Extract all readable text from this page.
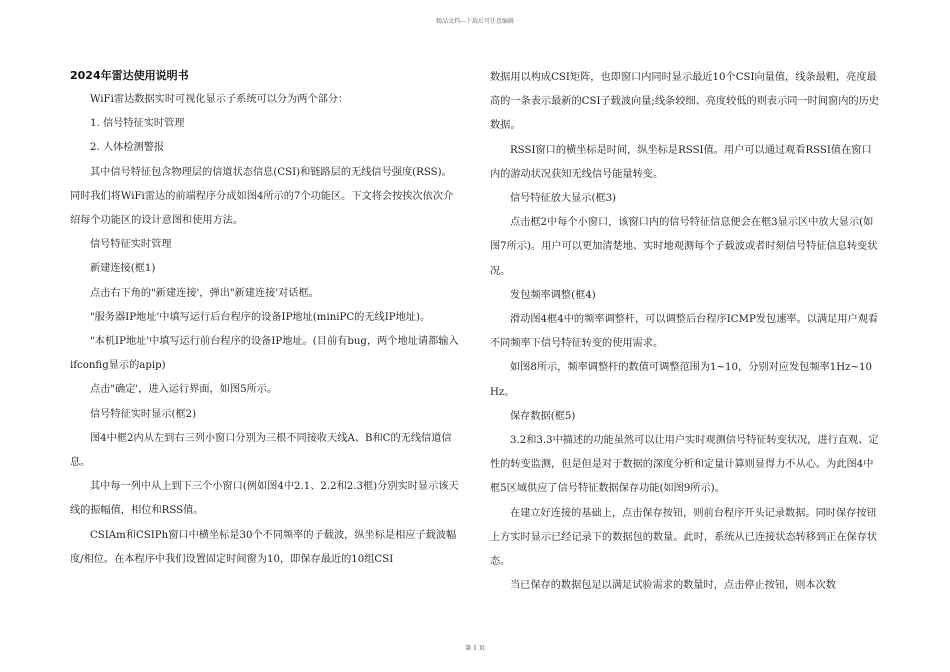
精品文档---下载后可任意编辑
2024年雷达使用说明书

WiFi雷达数据实时可视化显示子系统可以分为两个部分：

1. 信号特征实时管理

2. 人体检测警报

其中信号特征包含物理层的信道状态信息(CSI)和链路层的无线信号强度(RSS)。同时我们将WiFi雷达的前端程序分成如图4所示的7个功能区。下文将会按挨次依次介绍每个功能区的设计意图和使用方法。

信号特征实时管理

新建连接(框1)

点击右下角的"新建连接'，弹出"新建连接'对话框。

"服务器IP地址'中填写运行后台程序的设备IP地址(miniPC的无线IP地址)。

"本机IP地址'中填写运行前台程序的设备IP地址。(目前有bug，两个地址请都输入ifconfig显示的apip)

点击"确定'，进入运行界面，如图5所示。

信号特征实时显示(框2)

图4中框2内从左到右三列小窗口分别为三根不同接收天线A、B和C的无线信道信息。

其中每一列中从上到下三个小窗口(例如图4中2.1、2.2和2.3框)分别实时显示该天线的振幅值，相位和RSS值。

CSIAm和CSIPh窗口中横坐标是30个不同频率的子载波，纵坐标是相应子载波幅度/相位。在本程序中我们设置固定时间窗为10，即保存最近的10组CSI

数据用以构成CSI矩阵，也即窗口内同时显示最近10个CSI向量值，线条最粗，亮度最高的一条表示最新的CSI子载波向量;线条较细、亮度较低的则表示同一时间窗内的历史数据。

RSSI窗口的横坐标是时间，纵坐标是RSSI值。用户可以通过观看RSSI值在窗口内的游动状况获知无线信号能量转变。

信号特征放大显示(框3)

点击框2中每个小窗口，该窗口内的信号特征信息便会在框3显示区中放大显示(如图7所示)。用户可以更加清楚地、实时地观测每个子载波或者时刻信号特征信息转变状况。

发包频率调整(框4)

滑动图4框4中的频率调整杆，可以调整后台程序ICMP发包速率。以满足用户观看不同频率下信号特征转变的使用需求。

如图8所示，频率调整杆的数值可调整范围为1~10，分别对应发包频率1Hz~10Hz。

保存数据(框5)

3.2和3.3中描述的功能虽然可以让用户实时观测信号特征转变状况，进行直观、定性的转变监测，但是但是对于数据的深度分析和定量计算则显得力不从心。为此图4中框5区域供应了信号特征数据保存功能(如图9所示)。

在建立好连接的基础上，点击保存按钮，则前台程序开头记录数据。同时保存按钮上方实时显示已经记录下的数据包的数量。此时，系统从已连接状态转移到正在保存状态。

当已保存的数据包足以满足试验需求的数量时，点击停止按钮，则本次数

第 1 页
